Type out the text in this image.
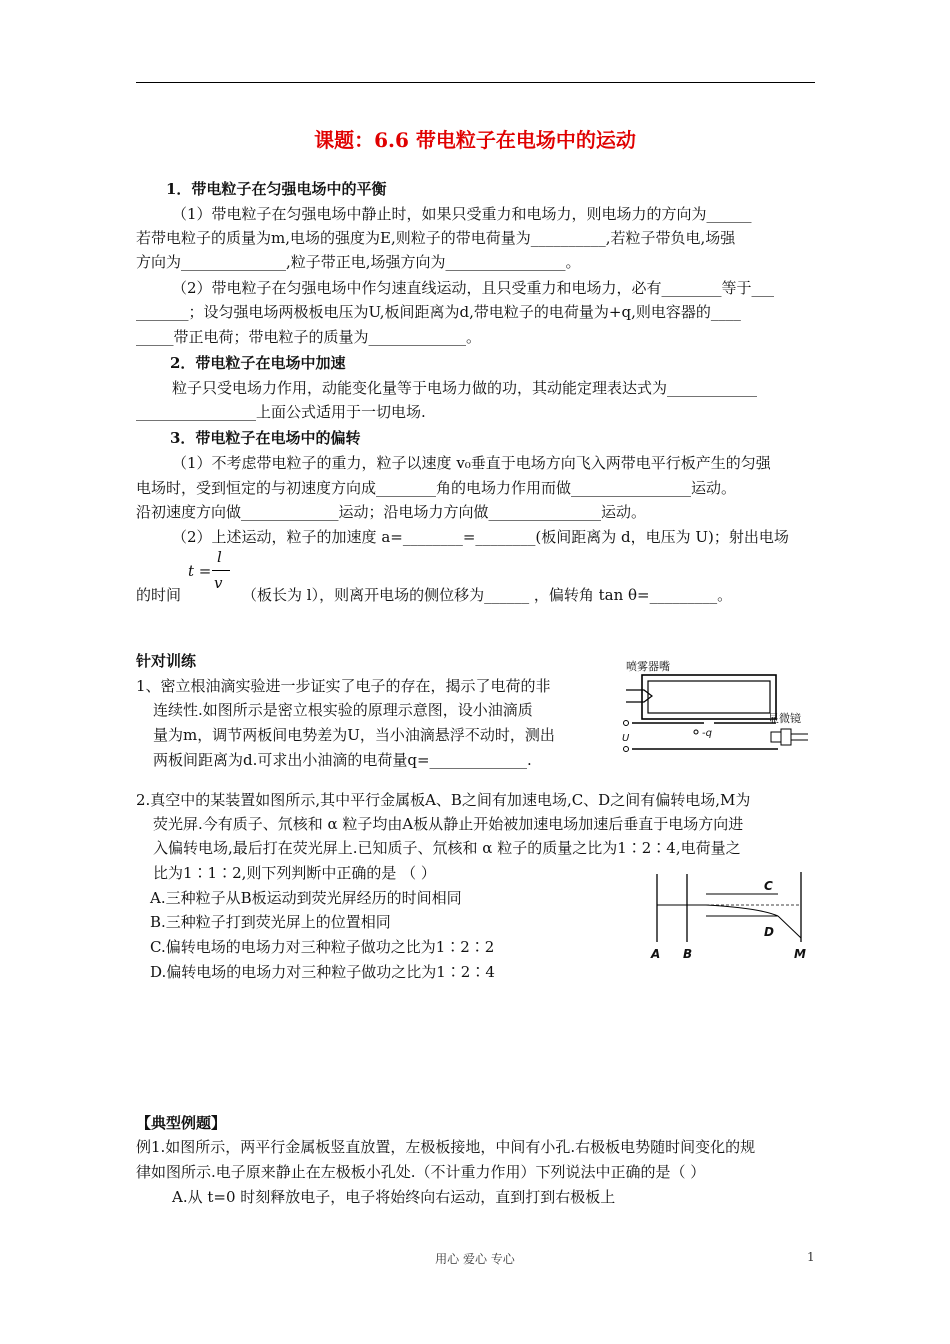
课题：6.6 带电粒子在电场中的运动
1．带电粒子在匀强电场中的平衡
（1）带电粒子在匀强电场中静止时，如果只受重力和电场力，则电场力的方向为______
若带电粒子的质量为m,电场的强度为E,则粒子的带电荷量为__________,若粒子带负电,场强
方向为______________,粒子带正电,场强方向为________________。
（2）带电粒子在匀强电场中作匀速直线运动，且只受重力和电场力，必有________等于___
_______；设匀强电场两极板电压为U,板间距离为d,带电粒子的电荷量为+q,则电容器的____
_____带正电荷；带电粒子的质量为_____________。
2．带电粒子在电场中加速
粒子只受电场力作用，动能变化量等于电场力做的功，其动能定理表达式为____________
________________上面公式适用于一切电场.
3．带电粒子在电场中的偏转
（1）不考虑带电粒子的重力，粒子以速度 v₀垂直于电场方向飞入两带电平行板产生的匀强
电场时，受到恒定的与初速度方向成________角的电场力作用而做________________运动。
沿初速度方向做_____________运动；沿电场力方向做_______________运动。
（2）上述运动，粒子的加速度 a=________=________(板间距离为 d，电压为 U)；射出电场
t =
l
v
的时间	（板长为 l），则离开电场的侧位移为______ ，偏转角 tan θ=_________。
针对训练
1、密立根油滴实验进一步证实了电子的存在，揭示了电荷的非
连续性.如图所示是密立根实验的原理示意图，设小油滴质
量为m，调节两板间电势差为U，当小油滴悬浮不动时，测出
两板间距离为d.可求出小油滴的电荷量q=_____________.
喷雾器嘴
U	-q
显微镜
2.真空中的某装置如图所示,其中平行金属板A、B之间有加速电场,C、D之间有偏转电场,M为
荧光屏.今有质子、氘核和 α 粒子均由A板从静止开始被加速电场加速后垂直于电场方向进
入偏转电场,最后打在荧光屏上.已知质子、氘核和 α 粒子的质量之比为1∶2∶4,电荷量之
比为1∶1∶2,则下列判断中正确的是 （ ）
A.三种粒子从B板运动到荧光屏经历的时间相同
B.三种粒子打到荧光屏上的位置相同
C.偏转电场的电场力对三种粒子做功之比为1∶2∶2
D.偏转电场的电场力对三种粒子做功之比为1∶2∶4
C
D
A B	M
【典型例题】
例1.如图所示，两平行金属板竖直放置，左极板接地，中间有小孔.右极板电势随时间变化的规
律如图所示.电子原来静止在左极板小孔处.（不计重力作用）下列说法中正确的是（ ）
A.从 t=0 时刻释放电子，电子将始终向右运动，直到打到右极板上
用心 爱心 专心	1
